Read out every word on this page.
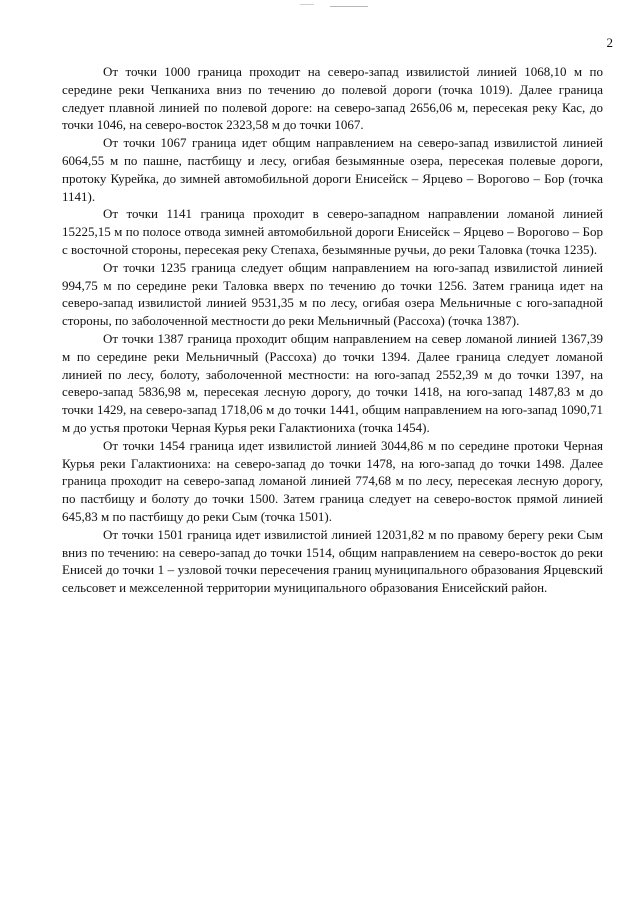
2

От точки 1000 граница проходит на северо-запад извилистой линией 1068,10 м по середине реки Чепканиха вниз по течению до полевой дороги (точка 1019). Далее граница следует плавной линией по полевой дороге: на северо-запад 2656,06 м, пересекая реку Кас, до точки 1046, на северо-восток 2323,58 м до точки 1067.

От точки 1067 граница идет общим направлением на северо-запад извилистой линией 6064,55 м по пашне, пастбищу и лесу, огибая безымянные озера, пересекая полевые дороги, протоку Курейка, до зимней автомобильной дороги Енисейск – Ярцево – Ворогово – Бор (точка 1141).

От точки 1141 граница проходит в северо-западном направлении ломаной линией 15225,15 м по полосе отвода зимней автомобильной дороги Енисейск – Ярцево – Ворогово – Бор с восточной стороны, пересекая реку Степаха, безымянные ручьи, до реки Таловка (точка 1235).

От точки 1235 граница следует общим направлением на юго-запад извилистой линией 994,75 м по середине реки Таловка вверх по течению до точки 1256. Затем граница идет на северо-запад извилистой линией 9531,35 м по лесу, огибая озера Мельничные с юго-западной стороны, по заболоченной местности до реки Мельничный (Рассоха) (точка 1387).

От точки 1387 граница проходит общим направлением на север ломаной линией 1367,39 м по середине реки Мельничный (Рассоха) до точки 1394. Далее граница следует ломаной линией по лесу, болоту, заболоченной местности: на юго-запад 2552,39 м до точки 1397, на северо-запад 5836,98 м, пересекая лесную дорогу, до точки 1418, на юго-запад 1487,83 м до точки 1429, на северо-запад 1718,06 м до точки 1441, общим направлением на юго-запад 1090,71 м до устья протоки Черная Курья реки Галактиониха (точка 1454).

От точки 1454 граница идет извилистой линией 3044,86 м по середине протоки Черная Курья реки Галактиониха: на северо-запад до точки 1478, на юго-запад до точки 1498. Далее граница проходит на северо-запад ломаной линией 774,68 м по лесу, пересекая лесную дорогу, по пастбищу и болоту до точки 1500. Затем граница следует на северо-восток прямой линией 645,83 м по пастбищу до реки Сым (точка 1501).

От точки 1501 граница идет извилистой линией 12031,82 м по правому берегу реки Сым вниз по течению: на северо-запад до точки 1514, общим направлением на северо-восток до реки Енисей до точки 1 – узловой точки пересечения границ муниципального образования Ярцевский сельсовет и межселенной территории муниципального образования Енисейский район.
